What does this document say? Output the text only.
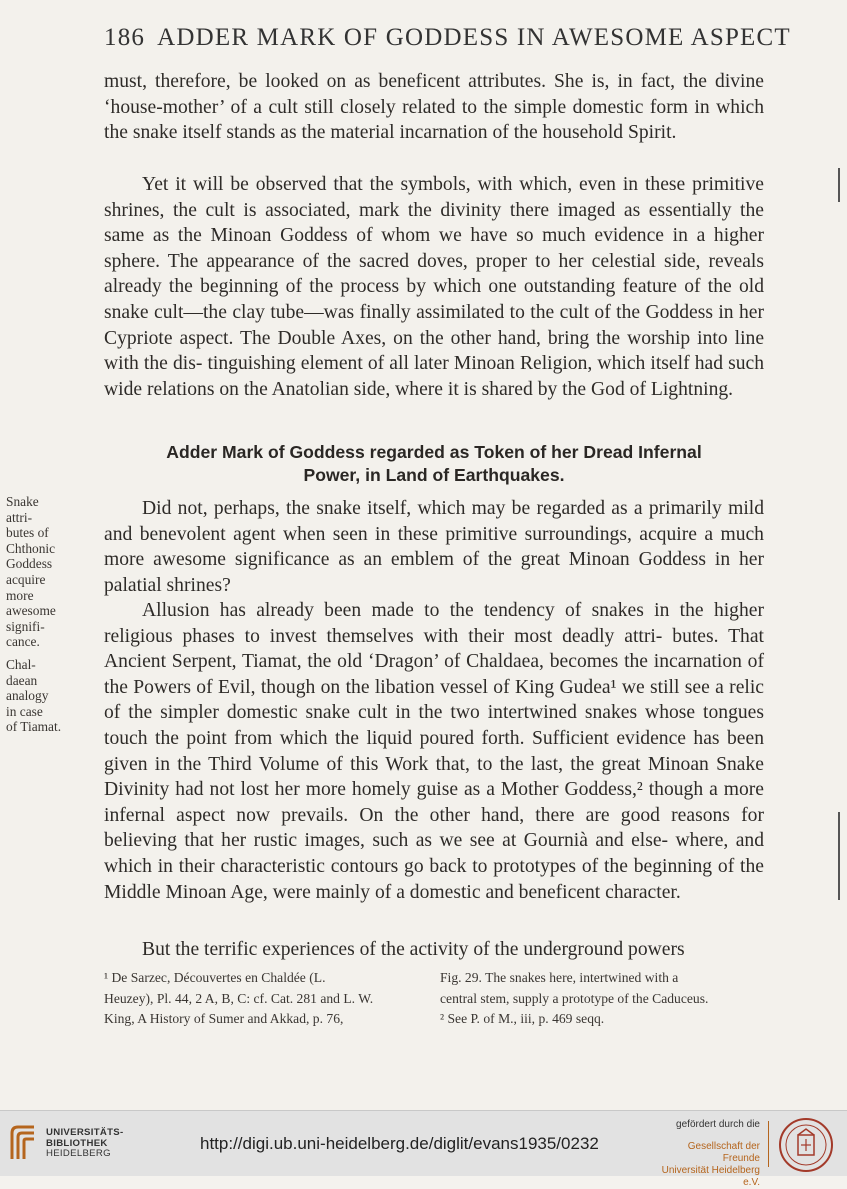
186 ADDER MARK OF GODDESS IN AWESOME ASPECT

must, therefore, be looked on as beneficent attributes. She is, in fact, the divine ‘house-mother’ of a cult still closely related to the simple domestic form in which the snake itself stands as the material incarnation of the household Spirit.

Yet it will be observed that the symbols, with which, even in these primitive shrines, the cult is associated, mark the divinity there imaged as essentially the same as the Minoan Goddess of whom we have so much evidence in a higher sphere. The appearance of the sacred doves, proper to her celestial side, reveals already the beginning of the process by which one outstanding feature of the old snake cult—the clay tube—was finally assimilated to the cult of the Goddess in her Cypriote aspect. The Double Axes, on the other hand, bring the worship into line with the dis- tinguishing element of all later Minoan Religion, which itself had such wide relations on the Anatolian side, where it is shared by the God of Lightning.

Adder Mark of Goddess regarded as Token of her Dread Infernal
Power, in Land of Earthquakes.

Did not, perhaps, the snake itself, which may be regarded as a primarily mild and benevolent agent when seen in these primitive surroundings, acquire a much more awesome significance as an emblem of the great Minoan Goddess in her palatial shrines?

Allusion has already been made to the tendency of snakes in the higher religious phases to invest themselves with their most deadly attri- butes. That Ancient Serpent, Tiamat, the old ‘Dragon’ of Chaldaea, becomes the incarnation of the Powers of Evil, though on the libation vessel of King Gudea¹ we still see a relic of the simpler domestic snake cult in the two intertwined snakes whose tongues touch the point from which the liquid poured forth. Sufficient evidence has been given in the Third Volume of this Work that, to the last, the great Minoan Snake Divinity had not lost her more homely guise as a Mother Goddess,² though a more infernal aspect now prevails. On the other hand, there are good reasons for believing that her rustic images, such as we see at Gournià and else- where, and which in their characteristic contours go back to prototypes of the beginning of the Middle Minoan Age, were mainly of a domestic and beneficent character.

But the terrific experiences of the activity of the underground powers

Snake
attri-
butes of
Chthonic
Goddess
acquire
more
awesome
signifi-
cance.
Chal-
daean
analogy
in case
of Tiamat.
¹ De Sarzec, Découvertes en Chaldée (L.
Heuzey), Pl. 44, 2 A, B, C: cf. Cat. 281 and L. W.
King, A History of Sumer and Akkad, p. 76,
Fig. 29. The snakes here, intertwined with a
central stem, supply a prototype of the Caduceus.
² See P. of M., iii, p. 469 seqq.
UNIVERSITÄTS-
BIBLIOTHEK
HEIDELBERG
http://digi.ub.uni-heidelberg.de/diglit/evans1935/0232
gefördert durch die
Gesellschaft der Freunde
Universität Heidelberg e.V.
